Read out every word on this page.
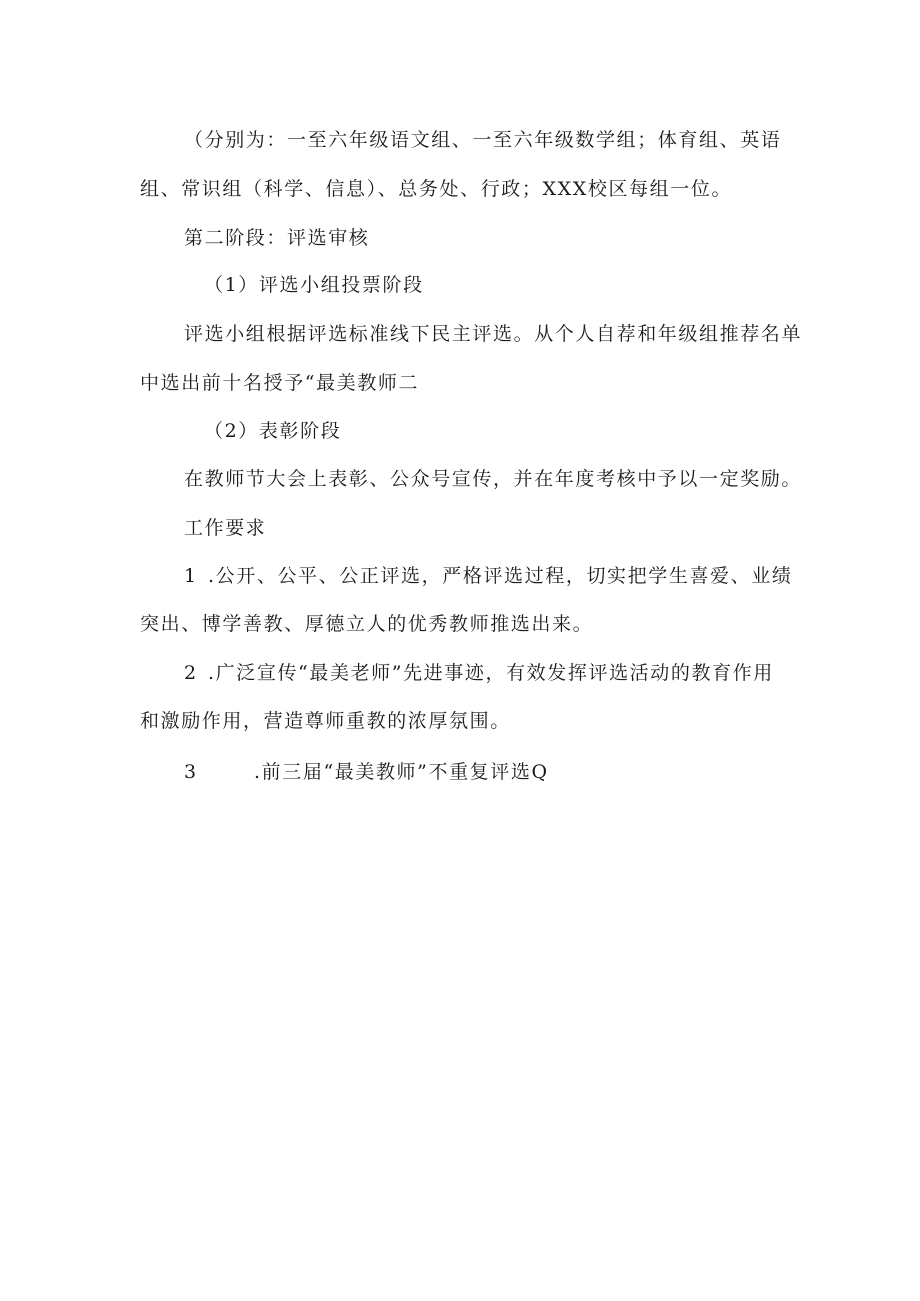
（分别为：一至六年级语文组、一至六年级数学组；体育组、英语
组、常识组（科学、信息）、总务处、行政；XXX校区每组一位。
第二阶段：评选审核
（1）评选小组投票阶段
评选小组根据评选标准线下民主评选。从个人自荐和年级组推荐名单
中选出前十名授予“最美教师二
（2）表彰阶段
在教师节大会上表彰、公众号宣传，并在年度考核中予以一定奖励。
工作要求
1 .公开、公平、公正评选，严格评选过程，切实把学生喜爱、业绩
突出、博学善教、厚德立人的优秀教师推选出来。
2 .广泛宣传“最美老师”先进事迹，有效发挥评选活动的教育作用
和激励作用，营造尊师重教的浓厚氛围。
3	.前三届“最美教师”不重复评选Q
